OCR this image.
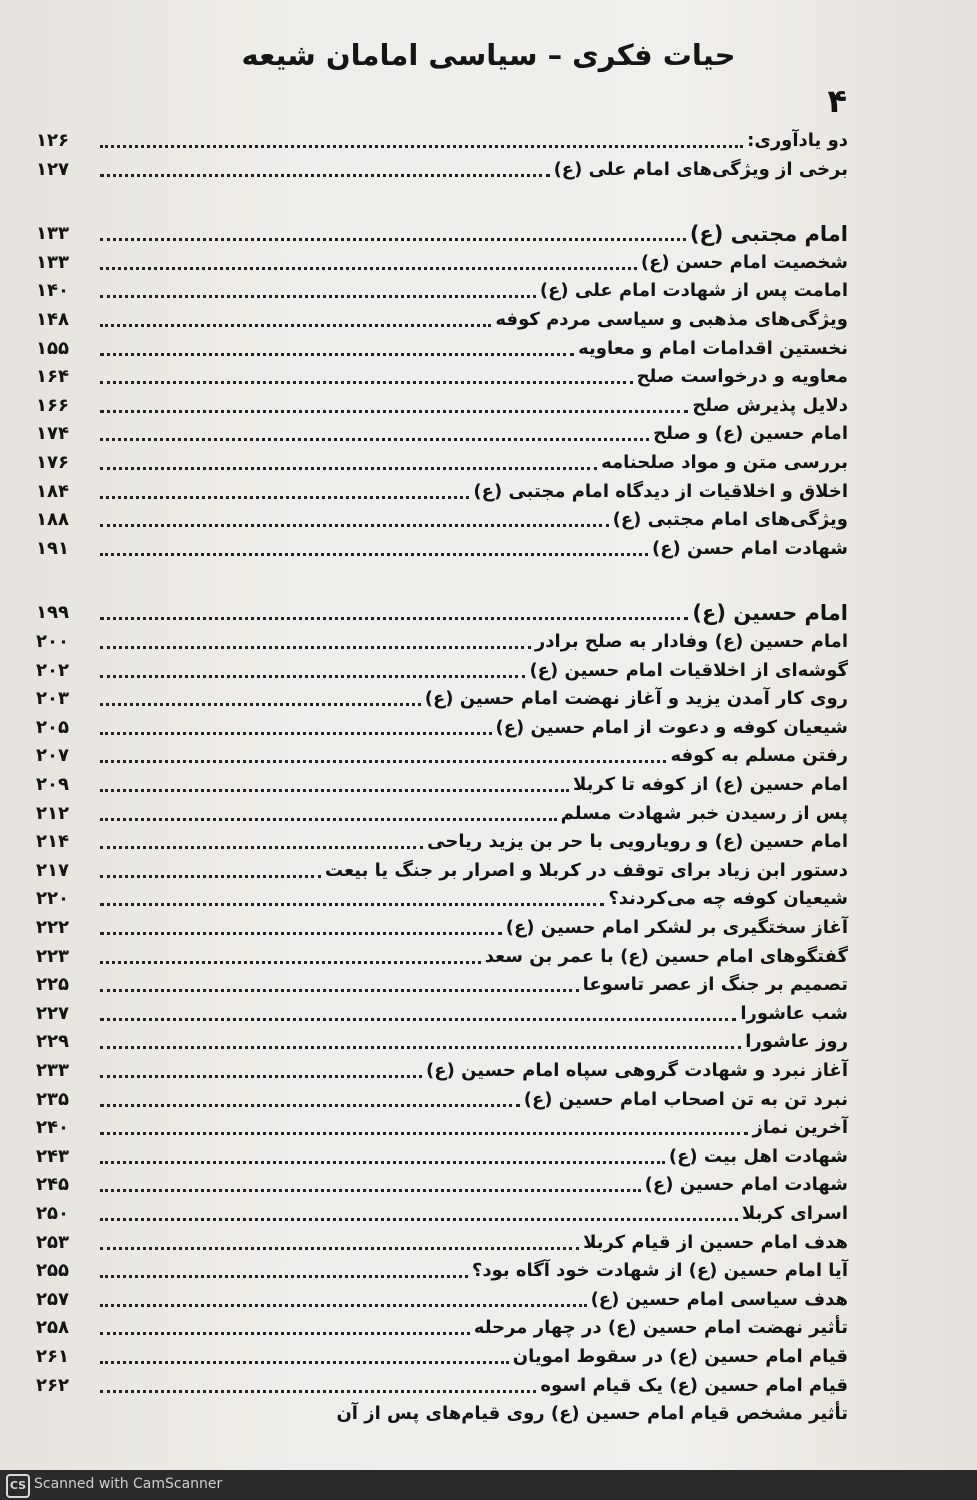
حیات فکری – سیاسی امامان شیعه
۴
دو یادآوری:
۱۲۶
برخی از ویژگی‌های امام علی (ع)
۱۲۷
امام مجتبی (ع)
۱۳۳
شخصیت امام حسن (ع)
۱۳۳
امامت پس از شهادت امام علی (ع)
۱۴۰
ویژگی‌های مذهبی و سیاسی مردم کوفه
۱۴۸
نخستین اقدامات امام و معاویه
۱۵۵
معاویه و درخواست صلح
۱۶۴
دلایل پذیرش صلح
۱۶۶
امام حسین (ع) و صلح
۱۷۴
بررسی متن و مواد صلحنامه
۱۷۶
اخلاق و اخلاقیات از دیدگاه امام مجتبی (ع)
۱۸۴
ویژگی‌های امام مجتبی (ع)
۱۸۸
شهادت امام حسن (ع)
۱۹۱
امام حسین (ع)
۱۹۹
امام حسین (ع) وفادار به صلح برادر
۲۰۰
گوشه‌ای از اخلاقیات امام حسین (ع)
۲۰۲
روی کار آمدن یزید و آغاز نهضت امام حسین (ع)
۲۰۳
شیعیان کوفه و دعوت از امام حسین (ع)
۲۰۵
رفتن مسلم به کوفه
۲۰۷
امام حسین (ع) از کوفه تا کربلا
۲۰۹
پس از رسیدن خبر شهادت مسلم
۲۱۲
امام حسین (ع) و رویارویی با حر بن یزید ریاحی
۲۱۴
دستور ابن زیاد برای توقف در کربلا و اصرار بر جنگ یا بیعت
۲۱۷
شیعیان کوفه چه می‌کردند؟
۲۲۰
آغاز سختگیری بر لشکر امام حسین (ع)
۲۲۲
گفتگوهای امام حسین (ع) با عمر بن سعد
۲۲۳
تصمیم بر جنگ از عصر تاسوعا
۲۲۵
شب عاشورا
۲۲۷
روز عاشورا
۲۲۹
آغاز نبرد و شهادت گروهی سپاه امام حسین (ع)
۲۳۳
نبرد تن به تن اصحاب امام حسین (ع)
۲۳۵
آخرین نماز
۲۴۰
شهادت اهل بیت (ع)
۲۴۳
شهادت امام حسین (ع)
۲۴۵
اسرای کربلا
۲۵۰
هدف امام حسین از قیام کربلا
۲۵۳
آیا امام حسین (ع) از شهادت خود آگاه بود؟
۲۵۵
هدف سیاسی امام حسین (ع)
۲۵۷
تأثیر نهضت امام حسین (ع) در چهار مرحله
۲۵۸
قیام امام حسین (ع) در سقوط امویان
۲۶۱
قیام امام حسین (ع) یک قیام اسوه
۲۶۲
تأثیر مشخص قیام امام حسین (ع) روی قیام‌های پس از آن
CS Scanned with CamScanner
